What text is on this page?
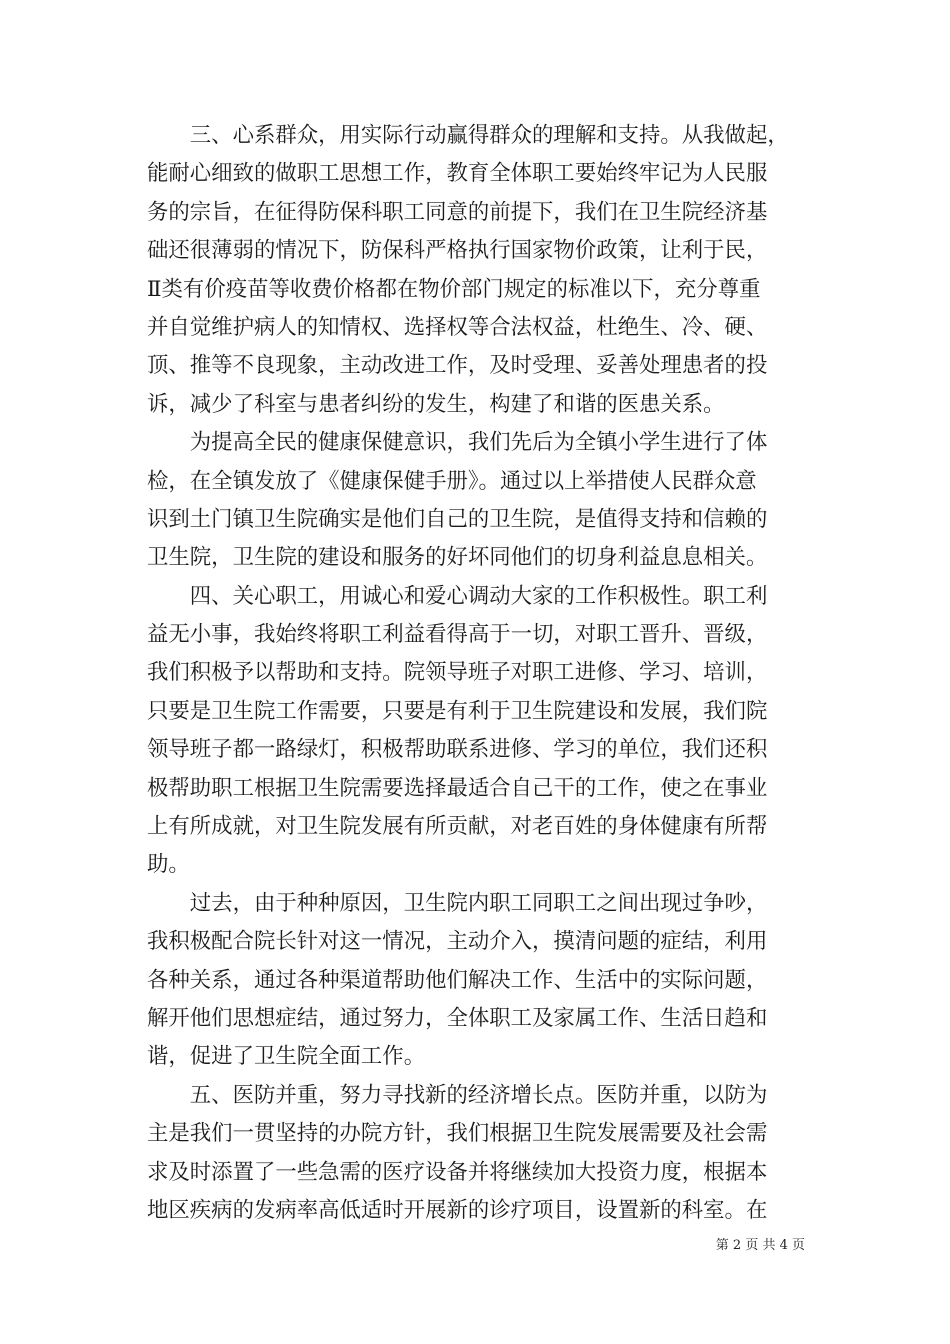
　　三、心系群众，用实际行动赢得群众的理解和支持。从我做起，
能耐心细致的做职工思想工作，教育全体职工要始终牢记为人民服
务的宗旨，在征得防保科职工同意的前提下，我们在卫生院经济基
础还很薄弱的情况下，防保科严格执行国家物价政策，让利于民，
Ⅱ类有价疫苗等收费价格都在物价部门规定的标准以下，充分尊重
并自觉维护病人的知情权、选择权等合法权益，杜绝生、冷、硬、
顶、推等不良现象，主动改进工作，及时受理、妥善处理患者的投
诉，减少了科室与患者纠纷的发生，构建了和谐的医患关系。
　　为提高全民的健康保健意识，我们先后为全镇小学生进行了体
检，在全镇发放了《健康保健手册》。通过以上举措使人民群众意
识到土门镇卫生院确实是他们自己的卫生院，是值得支持和信赖的
卫生院，卫生院的建设和服务的好坏同他们的切身利益息息相关。
　　四、关心职工，用诚心和爱心调动大家的工作积极性。职工利
益无小事，我始终将职工利益看得高于一切，对职工晋升、晋级，
我们积极予以帮助和支持。院领导班子对职工进修、学习、培训，
只要是卫生院工作需要，只要是有利于卫生院建设和发展，我们院
领导班子都一路绿灯，积极帮助联系进修、学习的单位，我们还积
极帮助职工根据卫生院需要选择最适合自己干的工作，使之在事业
上有所成就，对卫生院发展有所贡献，对老百姓的身体健康有所帮
助。
　　过去，由于种种原因，卫生院内职工同职工之间出现过争吵，
我积极配合院长针对这一情况，主动介入，摸清问题的症结，利用
各种关系，通过各种渠道帮助他们解决工作、生活中的实际问题，
解开他们思想症结，通过努力，全体职工及家属工作、生活日趋和
谐，促进了卫生院全面工作。
　　五、医防并重，努力寻找新的经济增长点。医防并重，以防为
主是我们一贯坚持的办院方针，我们根据卫生院发展需要及社会需
求及时添置了一些急需的医疗设备并将继续加大投资力度，根据本
地区疾病的发病率高低适时开展新的诊疗项目，设置新的科室。在
第 2 页 共 4 页
